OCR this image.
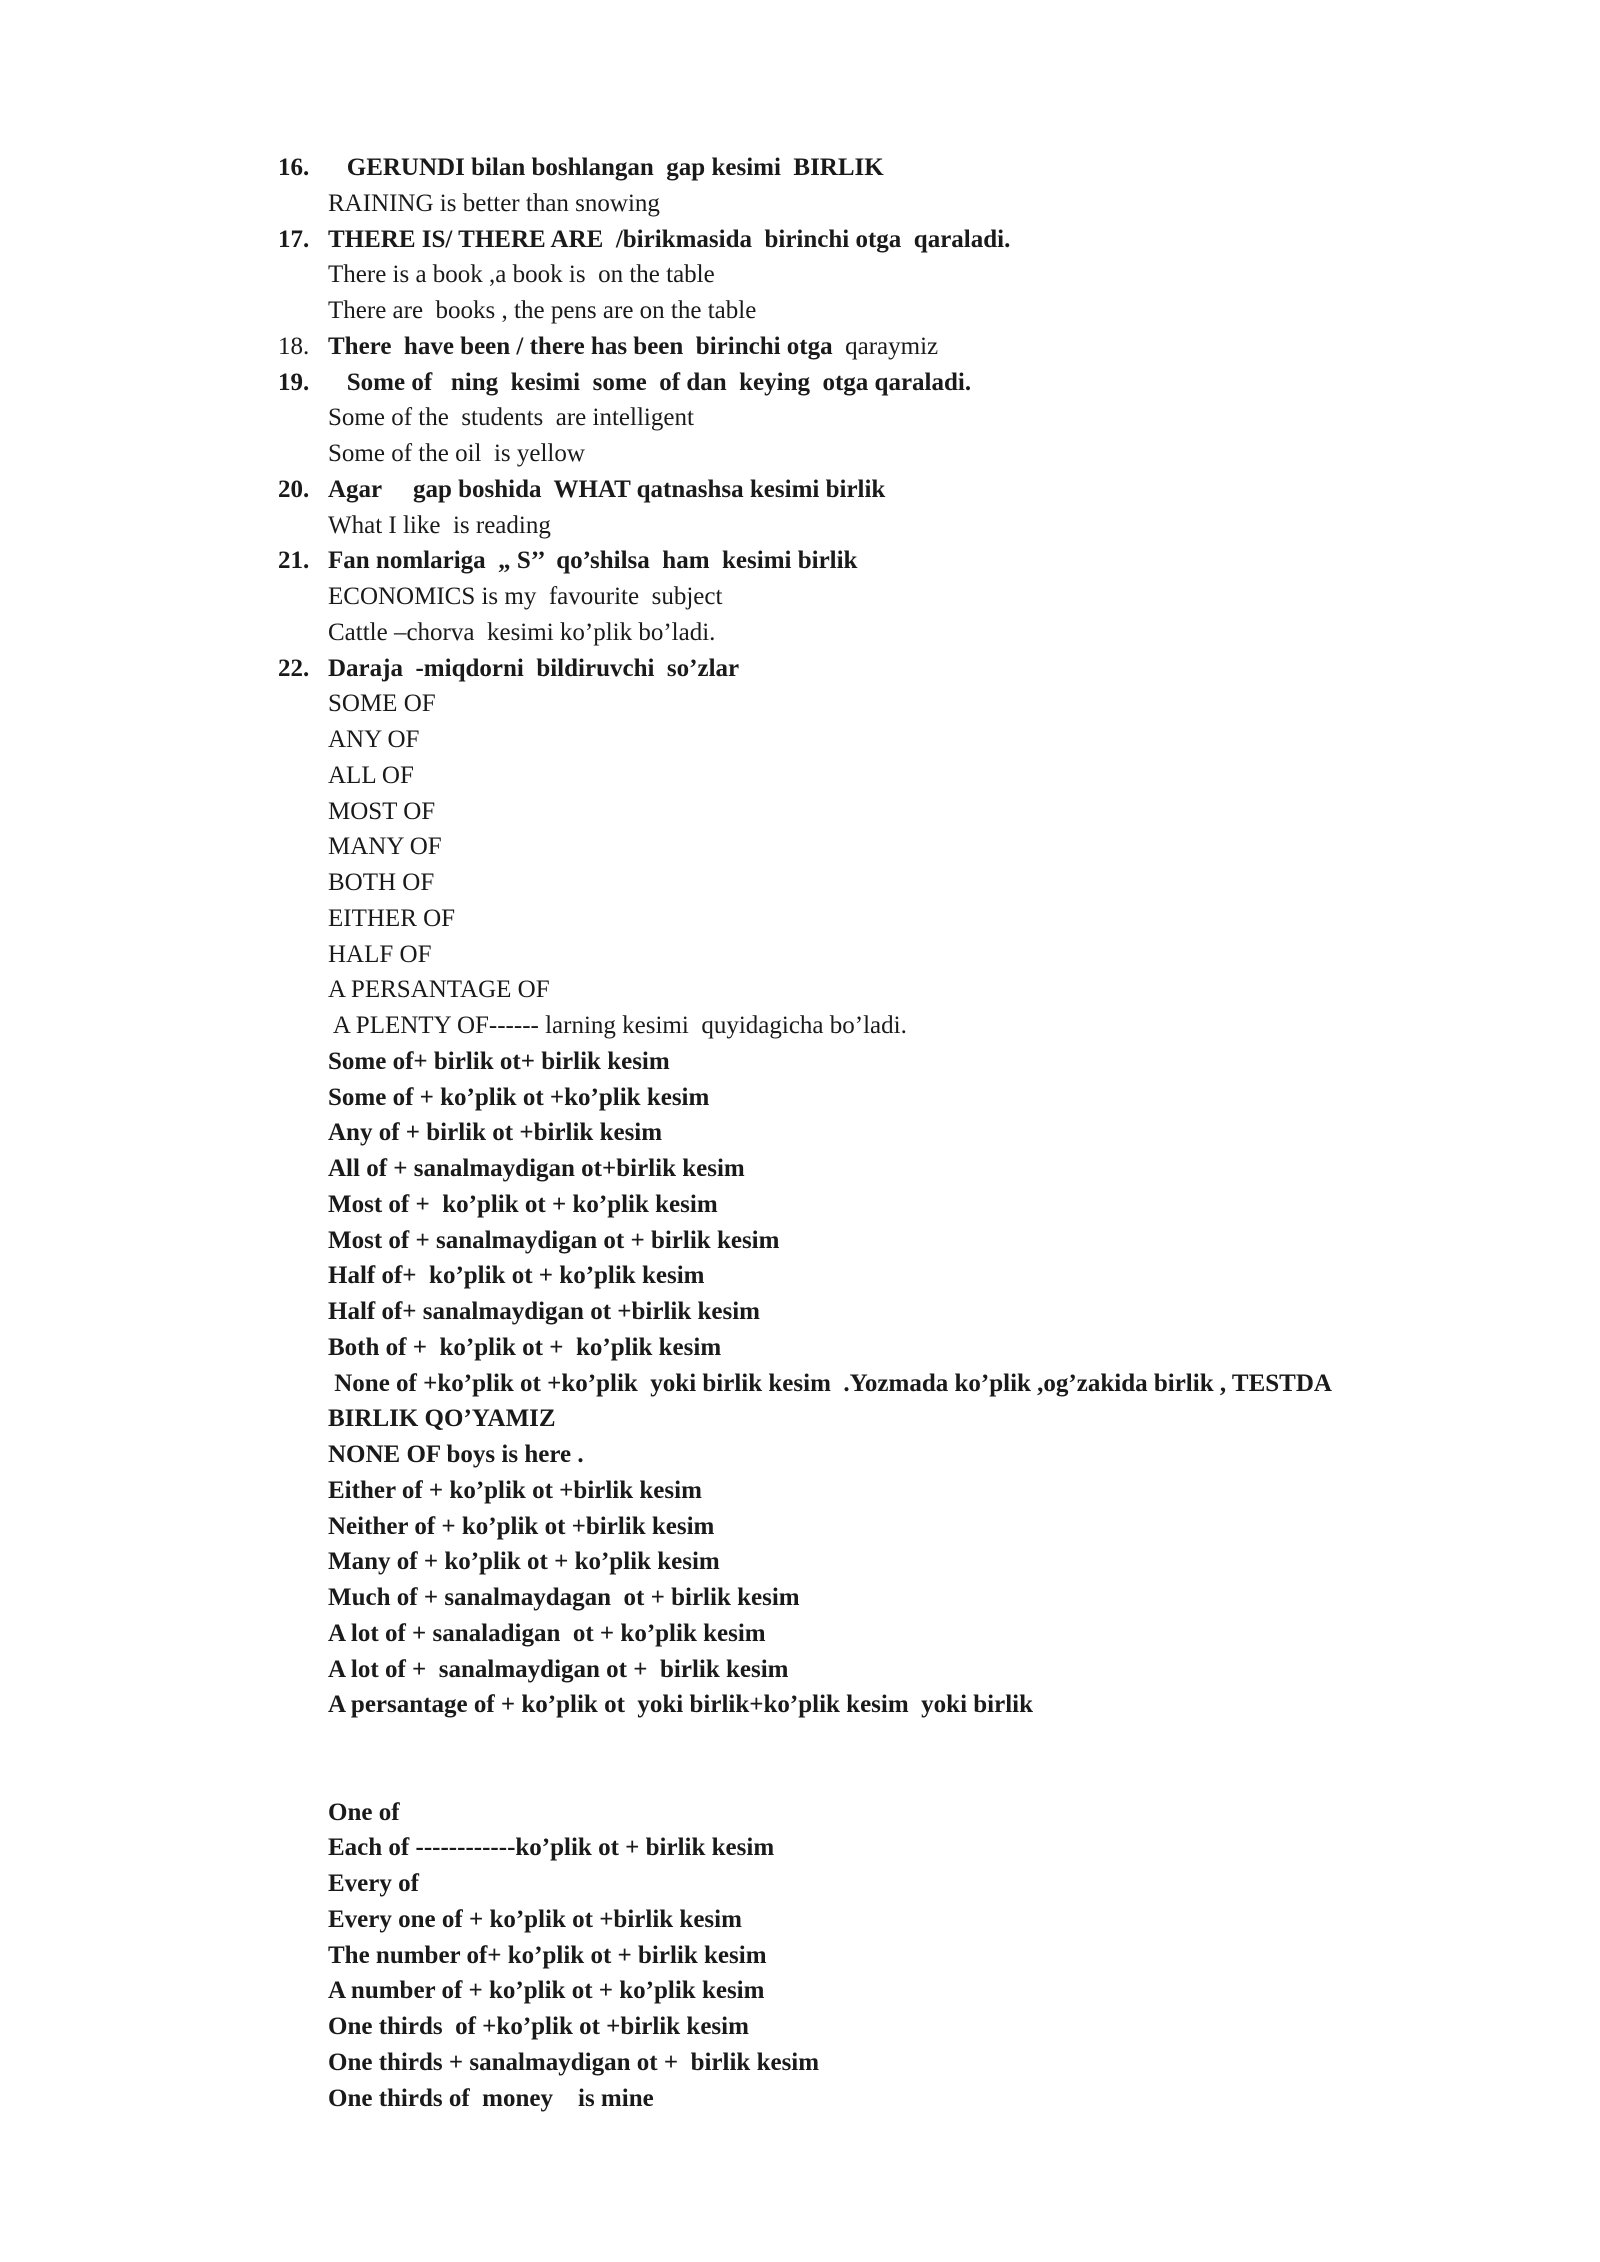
16. GERUNDI bilan boshlangan  gap kesimi  BIRLIK
RAINING is better than snowing
17. THERE IS/ THERE ARE  /birikmasida  birinchi otga  qaraladi.
There is a book ,a book is  on the table
There are  books , the pens are on the table
18. There  have been / there has been  birinchi otga  qaraymiz
19. Some of   ning  kesimi  some  of dan  keying  otga qaraladi.
Some of the  students  are intelligent
Some of the oil  is yellow
20. Agar     gap boshida  WHAT qatnashsa kesimi birlik
What I like  is reading
21. Fan nomlariga  „ S’’  qo’shilsa  ham  kesimi birlik
ECONOMICS is my  favourite  subject
Cattle –chorva  kesimi ko’plik bo’ladi.
22. Daraja  -miqdorni  bildiruvchi  so’zlar
SOME OF
ANY OF
ALL OF
MOST OF
MANY OF
BOTH OF
EITHER OF
HALF OF
A PERSANTAGE OF
A PLENTY OF------ larning kesimi  quyidagicha bo’ladi.
Some of+ birlik ot+ birlik kesim
Some of + ko’plik ot +ko’plik kesim
Any of + birlik ot +birlik kesim
All of + sanalmaydigan ot+birlik kesim
Most of +  ko’plik ot + ko’plik kesim
Most of + sanalmaydigan ot + birlik kesim
Half of+  ko’plik ot + ko’plik kesim
Half of+ sanalmaydigan ot +birlik kesim
Both of +  ko’plik ot +  ko’plik kesim
None of +ko’plik ot +ko’plik  yoki birlik kesim  .Yozmada ko’plik ,og’zakida birlik , TESTDA
BIRLIK QO’YAMIZ
NONE OF boys is here .
Either of + ko’plik ot +birlik kesim
Neither of + ko’plik ot +birlik kesim
Many of + ko’plik ot + ko’plik kesim
Much of + sanalmaydagan  ot + birlik kesim
A lot of + sanaladigan  ot + ko’plik kesim
A lot of +  sanalmaydigan ot +  birlik kesim
A persantage of + ko’plik ot  yoki birlik+ko’plik kesim  yoki birlik
One of
Each of ------------ko’plik ot + birlik kesim
Every of
Every one of + ko’plik ot +birlik kesim
The number of+ ko’plik ot + birlik kesim
A number of + ko’plik ot + ko’plik kesim
One thirds  of +ko’plik ot +birlik kesim
One thirds + sanalmaydigan ot +  birlik kesim
One thirds of  money    is mine
